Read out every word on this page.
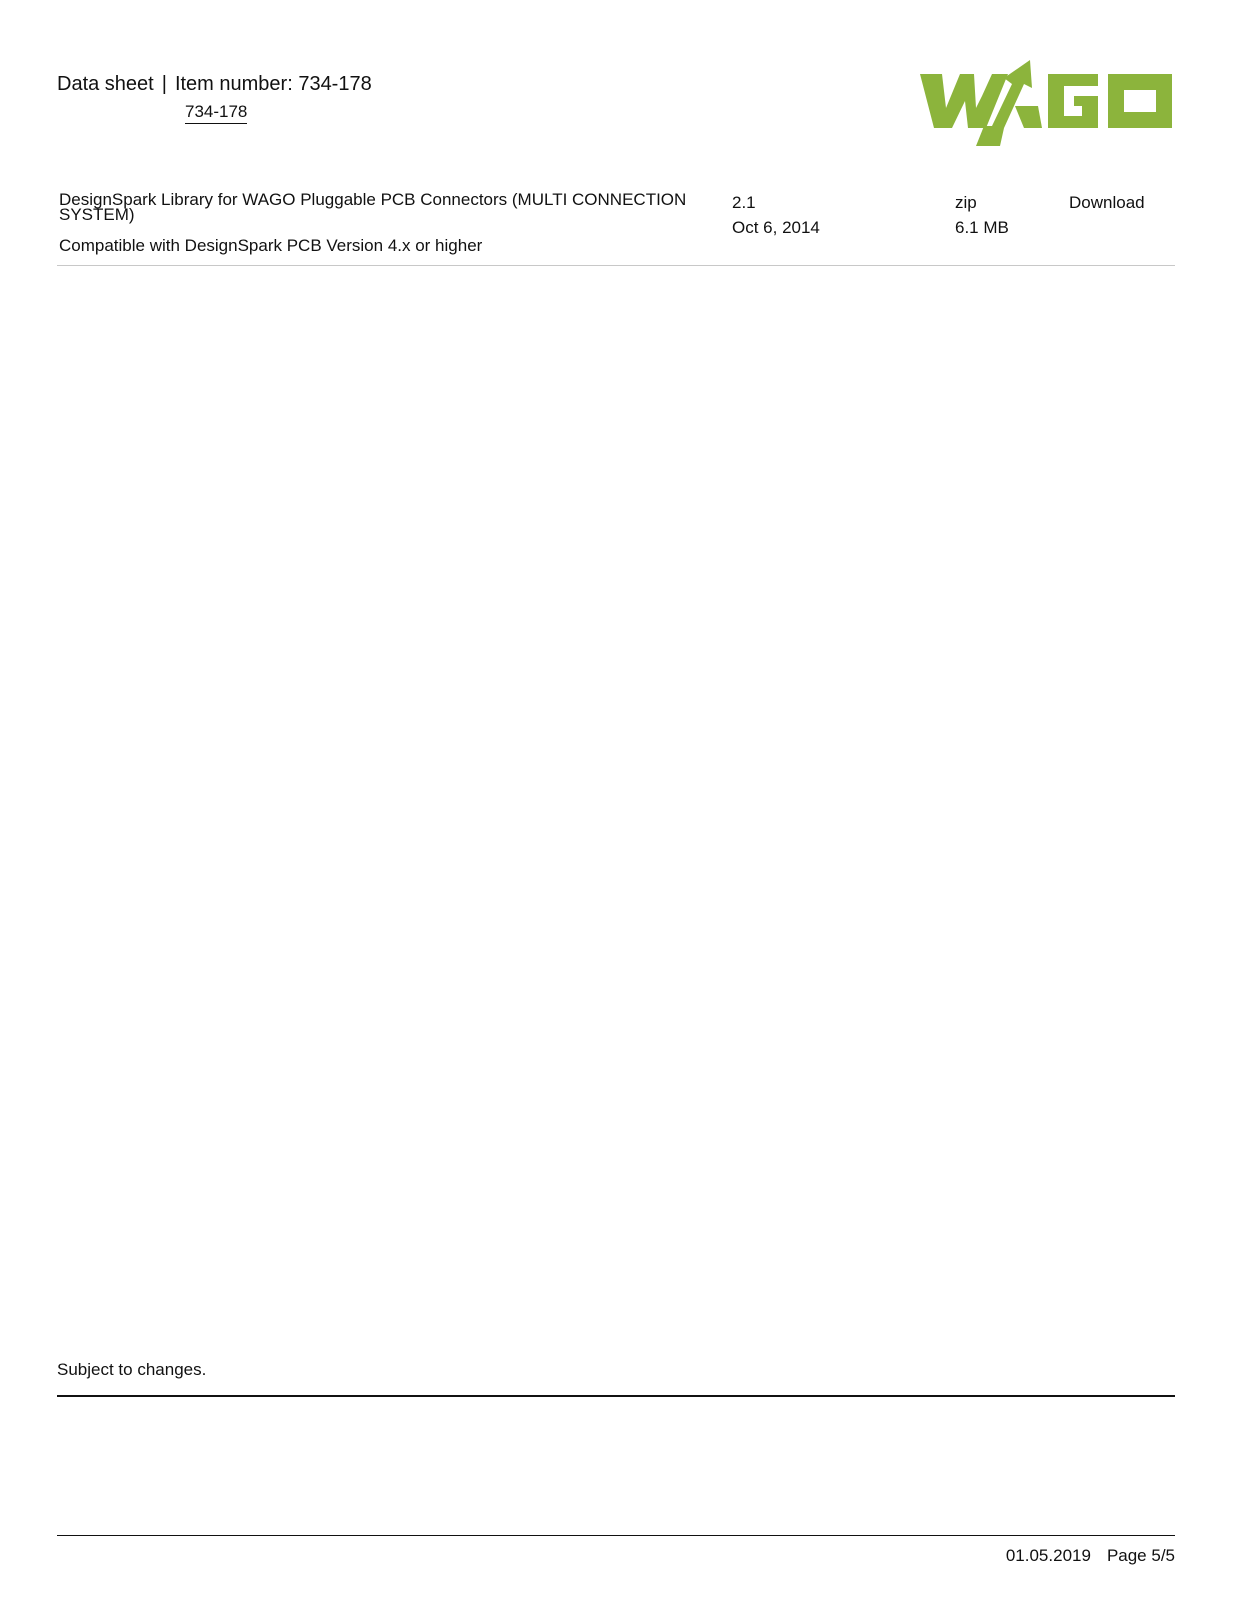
Data sheet | Item number: 734-178
734-178
DesignSpark Library for WAGO Pluggable PCB Connectors (MULTI CONNECTION SYSTEM)
Compatible with DesignSpark PCB Version 4.x or higher
2.1
Oct 6, 2014
zip
6.1 MB
Download
Subject to changes.
01.05.2019 Page 5/5
